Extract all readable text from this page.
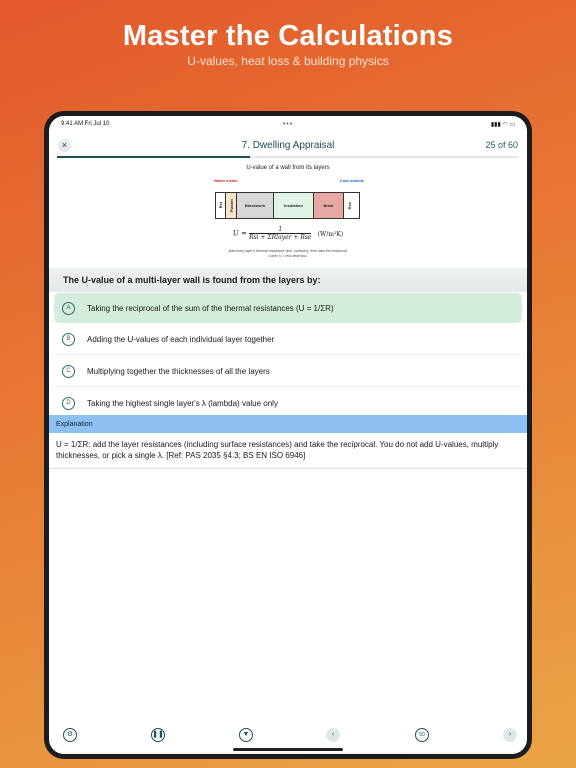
Master the Calculations
U-values, heat loss & building physics
9:41 AM Fri Jul 10	•••	▮▮▮ ◠ ▭
×	7. Dwelling Appraisal	25 of 60
U-value of a wall from its layers
Warm inside	Cold outside
Rsi Plaster	Blockwork	Insulation	Brick	Rse
$U = \frac{1}{\text{Rsi + ΣRlayer + Rse}} (W/m^2K)$
Add every layer's thermal resistance (incl. surfaces), then take the reciprocal.
Lower U = less heat loss.
The U-value of a multi-layer wall is found from the layers by:
A	Taking the reciprocal of the sum of the thermal resistances (U = 1/ΣR)
B	Adding the U-values of each individual layer together
C	Multiplying together the thicknesses of all the layers
D	Taking the highest single layer's λ (lambda) value only
Explanation
U = 1/ΣR: add the layer resistances (including surface resistances) and take the reciprocal. You do not add U-values, multiply thicknesses, or pick a single λ. [Ref: PAS 2035 §4.3; BS EN ISO 6946]
⚙	❚❚	▼	‹	50	›
